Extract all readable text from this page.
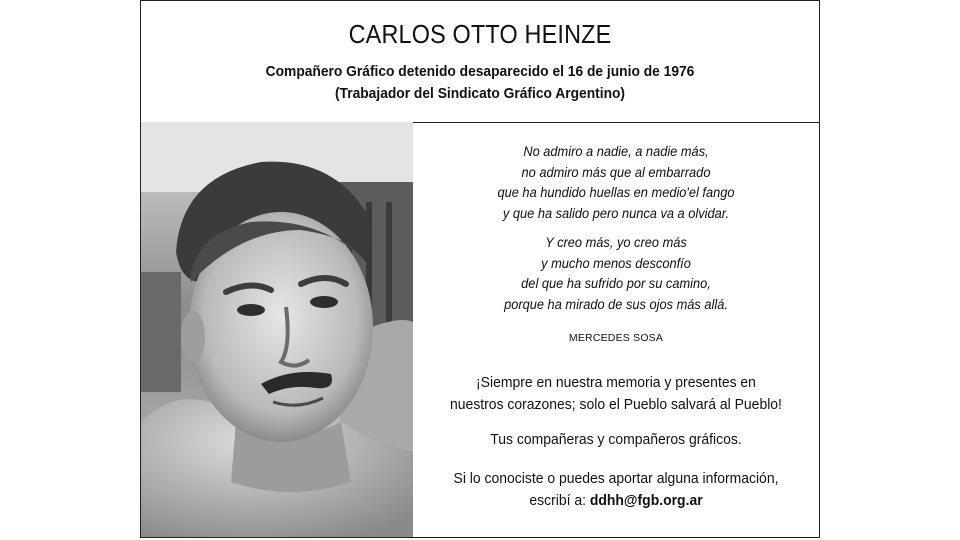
CARLOS OTTO HEINZE
Compañero Gráfico detenido desaparecido el 16 de junio de 1976
(Trabajador del Sindicato Gráfico Argentino)
No admiro a nadie, a nadie más,
no admiro más que al embarrado
que ha hundido huellas en medio'el fango
y que ha salido pero nunca va a olvidar.
Y creo más, yo creo más
y mucho menos desconfío
del que ha sufrido por su camino,
porque ha mirado de sus ojos más allá.
MERCEDES SOSA
¡Siempre en nuestra memoria y presentes en
nuestros corazones; solo el Pueblo salvará al Pueblo!
Tus compañeras y compañeros gráficos.
Si lo conociste o puedes aportar alguna información,
escribí a: ddhh@fgb.org.ar
